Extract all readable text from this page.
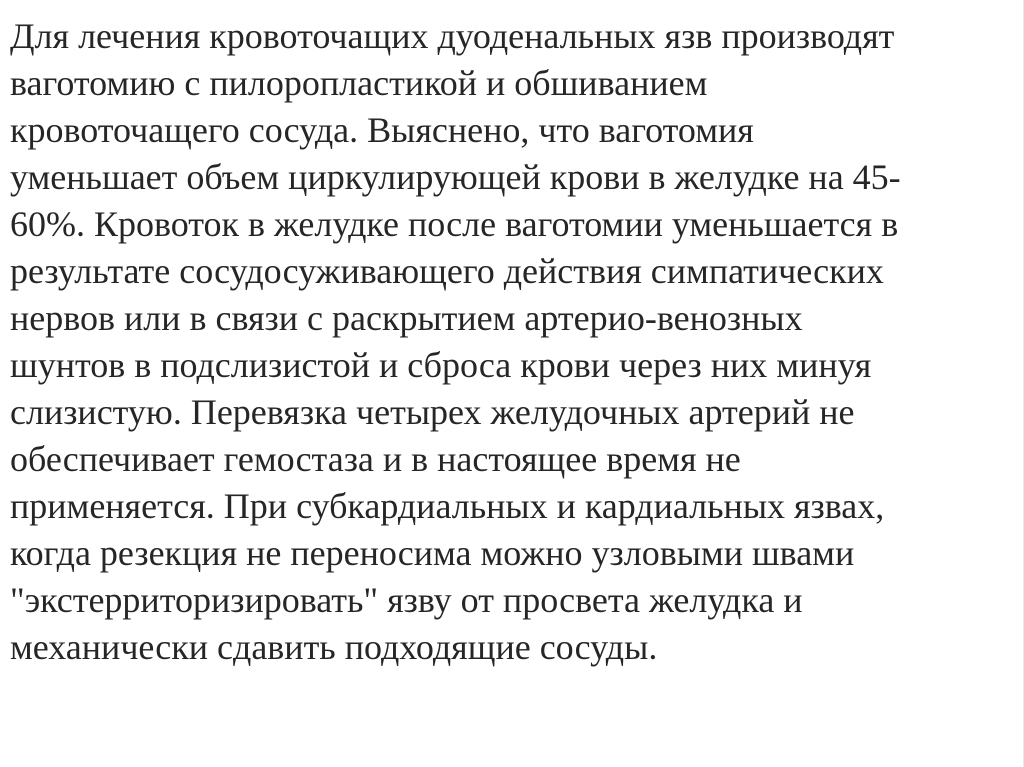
Для лечения кровоточащих дуоденальных язв производят
ваготомию с пилоропластикой и обшиванием
кровоточащего сосуда. Выяснено, что ваготомия
уменьшает объем циркулирующей крови в желудке на 45-
60%. Кровоток в желудке после ваготомии уменьшается в
результате сосудосуживающего действия симпатических
нервов или в связи с раскрытием артерио-венозных
шунтов в подслизистой и сброса крови через них минуя
слизистую. Перевязка четырех желудочных артерий не
обеспечивает гемостаза и в настоящее время не
применяется. При субкардиальных и кардиальных язвах,
когда резекция не переносима можно узловыми швами
"экстерриторизировать" язву от просвета желудка и
механически сдавить подходящие сосуды.
